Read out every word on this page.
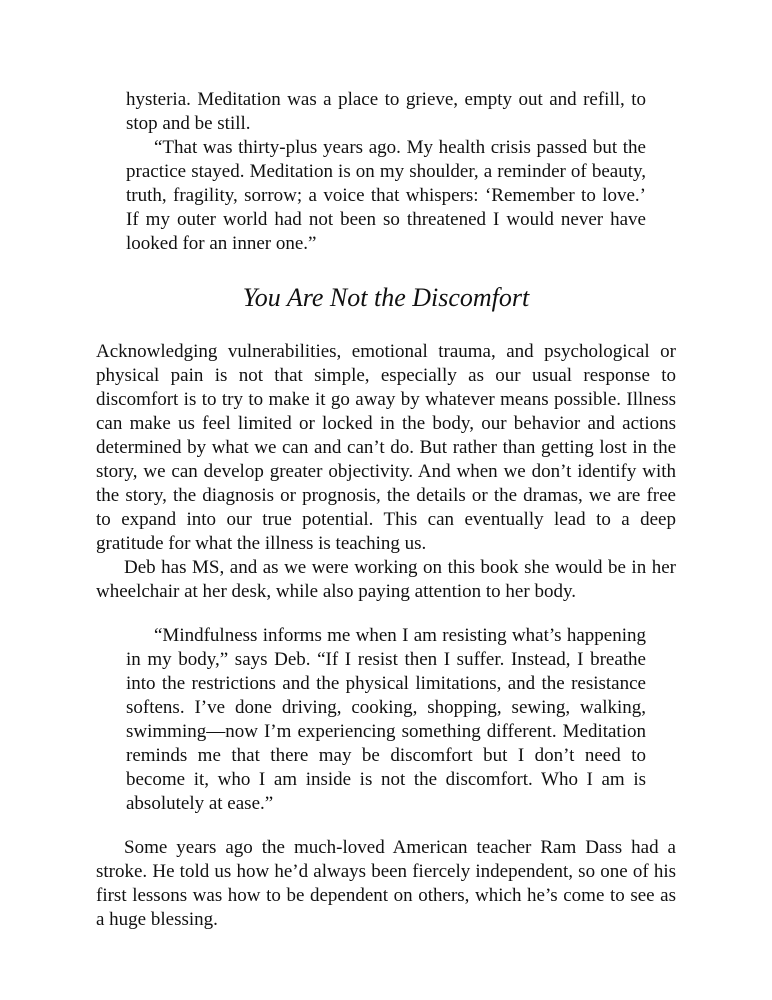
hysteria. Meditation was a place to grieve, empty out and refill, to stop and be still.

“That was thirty-plus years ago. My health crisis passed but the practice stayed. Meditation is on my shoulder, a reminder of beauty, truth, fragility, sorrow; a voice that whispers: ‘Remember to love.’ If my outer world had not been so threatened I would never have looked for an inner one.”

You Are Not the Discomfort

Acknowledging vulnerabilities, emotional trauma, and psychological or physical pain is not that simple, especially as our usual response to discomfort is to try to make it go away by whatever means possible. Illness can make us feel limited or locked in the body, our behavior and actions determined by what we can and can’t do. But rather than getting lost in the story, we can develop greater objectivity. And when we don’t identify with the story, the diagnosis or prognosis, the details or the dramas, we are free to expand into our true potential. This can eventually lead to a deep gratitude for what the illness is teaching us.

Deb has MS, and as we were working on this book she would be in her wheelchair at her desk, while also paying attention to her body.

“Mindfulness informs me when I am resisting what’s happening in my body,” says Deb. “If I resist then I suffer. Instead, I breathe into the restrictions and the physical limitations, and the resistance softens. I’ve done driving, cooking, shopping, sewing, walking, swimming—now I’m experiencing something different. Meditation reminds me that there may be discomfort but I don’t need to become it, who I am inside is not the discomfort. Who I am is absolutely at ease.”

Some years ago the much-loved American teacher Ram Dass had a stroke. He told us how he’d always been fiercely independent, so one of his first lessons was how to be dependent on others, which he’s come to see as a huge blessing.
